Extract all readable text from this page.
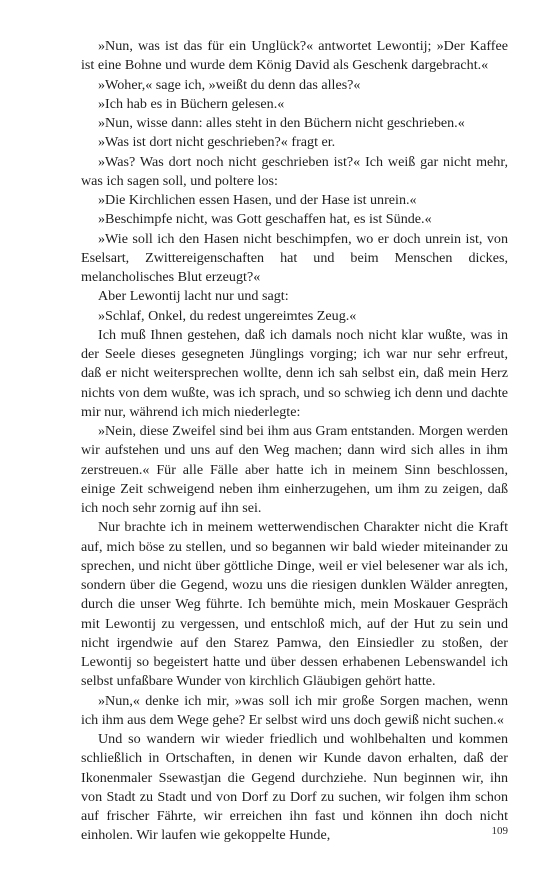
»Nun, was ist das für ein Unglück?« antwortet Lewontij; »Der Kaffee ist eine Bohne und wurde dem König David als Geschenk dargebracht.«

»Woher,« sage ich, »weißt du denn das alles?«

»Ich hab es in Büchern gelesen.«

»Nun, wisse dann: alles steht in den Büchern nicht geschrieben.«

»Was ist dort nicht geschrieben?« fragt er.

»Was? Was dort noch nicht geschrieben ist?« Ich weiß gar nicht mehr, was ich sagen soll, und poltere los:

»Die Kirchlichen essen Hasen, und der Hase ist unrein.«

»Beschimpfe nicht, was Gott geschaffen hat, es ist Sünde.«

»Wie soll ich den Hasen nicht beschimpfen, wo er doch unrein ist, von Eselsart, Zwittereigenschaften hat und beim Menschen dickes, melancholisches Blut erzeugt?«

Aber Lewontij lacht nur und sagt:

»Schlaf, Onkel, du redest ungereimtes Zeug.«

Ich muß Ihnen gestehen, daß ich damals noch nicht klar wußte, was in der Seele dieses gesegneten Jünglings vorging; ich war nur sehr erfreut, daß er nicht weitersprechen wollte, denn ich sah selbst ein, daß mein Herz nichts von dem wußte, was ich sprach, und so schwieg ich denn und dachte mir nur, während ich mich niederlegte:

»Nein, diese Zweifel sind bei ihm aus Gram entstanden. Morgen werden wir aufstehen und uns auf den Weg machen; dann wird sich alles in ihm zerstreuen.« Für alle Fälle aber hatte ich in meinem Sinn beschlossen, einige Zeit schweigend neben ihm einherzugehen, um ihm zu zeigen, daß ich noch sehr zornig auf ihn sei.

Nur brachte ich in meinem wetterwendischen Charakter nicht die Kraft auf, mich böse zu stellen, und so begannen wir bald wieder miteinander zu sprechen, und nicht über göttliche Dinge, weil er viel belesener war als ich, sondern über die Gegend, wozu uns die riesigen dunklen Wälder anregten, durch die unser Weg führte. Ich bemühte mich, mein Moskauer Gespräch mit Lewontij zu vergessen, und entschloß mich, auf der Hut zu sein und nicht irgendwie auf den Starez Pamwa, den Einsiedler zu stoßen, der Lewontij so begeistert hatte und über dessen erhabenen Lebenswandel ich selbst unfaßbare Wunder von kirchlich Gläubigen gehört hatte.

»Nun,« denke ich mir, »was soll ich mir große Sorgen machen, wenn ich ihm aus dem Wege gehe? Er selbst wird uns doch gewiß nicht suchen.«

Und so wandern wir wieder friedlich und wohlbehalten und kommen schließlich in Ortschaften, in denen wir Kunde davon erhalten, daß der Ikonenmaler Ssewastjan die Gegend durchziehe. Nun beginnen wir, ihn von Stadt zu Stadt und von Dorf zu Dorf zu suchen, wir folgen ihm schon auf frischer Fährte, wir erreichen ihn fast und können ihn doch nicht einholen. Wir laufen wie gekoppelte Hunde,	109
